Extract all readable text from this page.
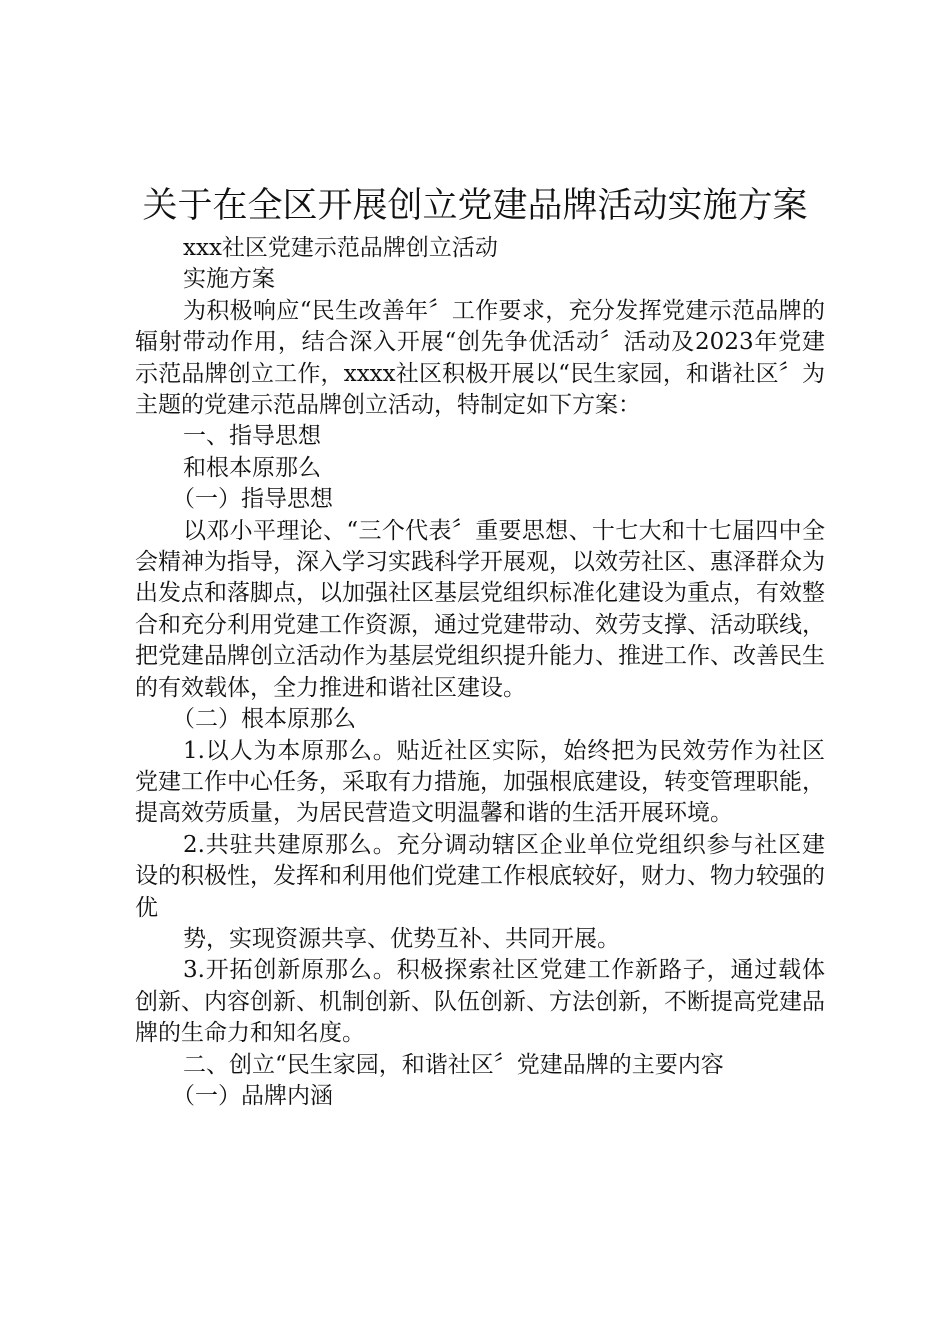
关于在全区开展创立党建品牌活动实施方案

xxx社区党建示范品牌创立活动

实施方案

为积极响应“民生改善年〞工作要求，充分发挥党建示范品牌的辐射带动作用，结合深入开展“创先争优活动〞活动及2023年党建示范品牌创立工作，xxxx社区积极开展以“民生家园，和谐社区〞为主题的党建示范品牌创立活动，特制定如下方案：

一、指导思想

和根本原那么

（一）指导思想

以邓小平理论、“三个代表〞重要思想、十七大和十七届四中全会精神为指导，深入学习实践科学开展观，以效劳社区、惠泽群众为出发点和落脚点，以加强社区基层党组织标准化建设为重点，有效整合和充分利用党建工作资源，通过党建带动、效劳支撑、活动联线，把党建品牌创立活动作为基层党组织提升能力、推进工作、改善民生的有效载体，全力推进和谐社区建设。

（二）根本原那么

1.以人为本原那么。贴近社区实际，始终把为民效劳作为社区党建工作中心任务，采取有力措施，加强根底建设，转变管理职能，提高效劳质量，为居民营造文明温馨和谐的生活开展环境。

2.共驻共建原那么。充分调动辖区企业单位党组织参与社区建设的积极性，发挥和利用他们党建工作根底较好，财力、物力较强的优

势，实现资源共享、优势互补、共同开展。

3.开拓创新原那么。积极探索社区党建工作新路子，通过载体创新、内容创新、机制创新、队伍创新、方法创新，不断提高党建品牌的生命力和知名度。

二、创立“民生家园，和谐社区〞党建品牌的主要内容

（一）品牌内涵
